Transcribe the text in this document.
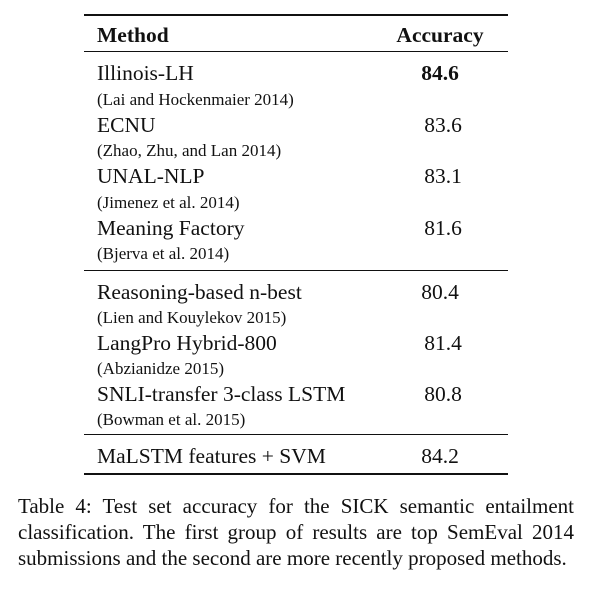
Method	Accuracy
Illinois-LH
(Lai and Hockenmaier 2014)
84.6
ECNU
(Zhao, Zhu, and Lan 2014)
83.6
UNAL-NLP
(Jimenez et al. 2014)
83.1
Meaning Factory
(Bjerva et al. 2014)
81.6
Reasoning-based n-best
(Lien and Kouylekov 2015)
80.4
LangPro Hybrid-800
(Abzianidze 2015)
81.4
SNLI-transfer 3-class LSTM
(Bowman et al. 2015)
80.8
MaLSTM features + SVM	84.2
Table 4: Test set accuracy for the SICK semantic entailment classification. The first group of results are top SemEval 2014 submissions and the second are more recently proposed methods.
